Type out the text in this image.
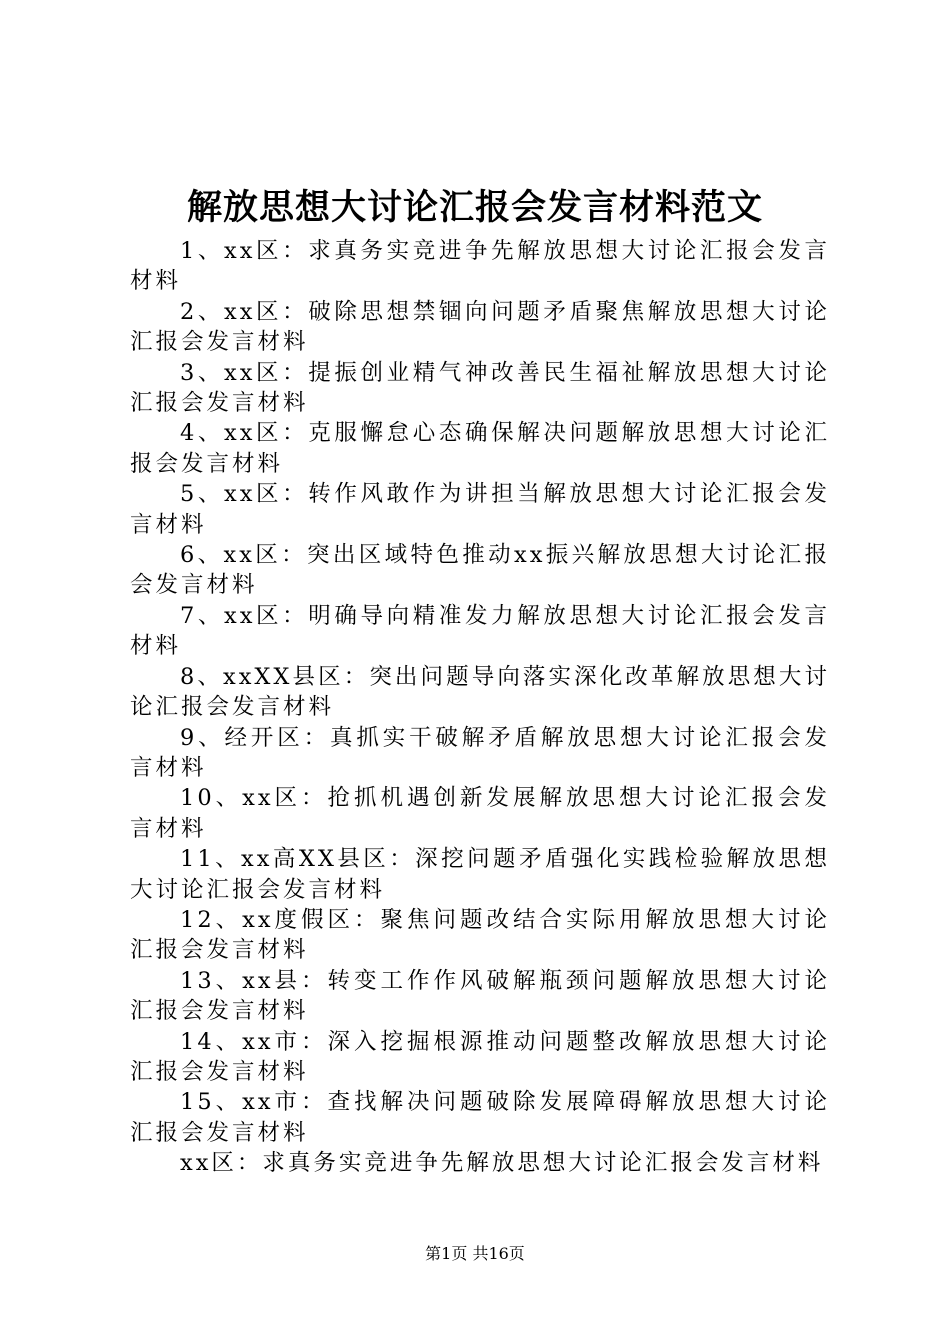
解放思想大讨论汇报会发言材料范文

1、xx区：求真务实竞进争先解放思想大讨论汇报会发言材料

2、xx区：破除思想禁锢向问题矛盾聚焦解放思想大讨论汇报会发言材料

3、xx区：提振创业精气神改善民生福祉解放思想大讨论汇报会发言材料

4、xx区：克服懈怠心态确保解决问题解放思想大讨论汇报会发言材料

5、xx区：转作风敢作为讲担当解放思想大讨论汇报会发言材料

6、xx区：突出区域特色推动xx振兴解放思想大讨论汇报会发言材料

7、xx区：明确导向精准发力解放思想大讨论汇报会发言材料

8、xxXX县区：突出问题导向落实深化改革解放思想大讨论汇报会发言材料

9、经开区：真抓实干破解矛盾解放思想大讨论汇报会发言材料

10、xx区：抢抓机遇创新发展解放思想大讨论汇报会发言材料

11、xx高XX县区：深挖问题矛盾强化实践检验解放思想大讨论汇报会发言材料

12、xx度假区：聚焦问题改结合实际用解放思想大讨论汇报会发言材料

13、xx县：转变工作作风破解瓶颈问题解放思想大讨论汇报会发言材料

14、xx市：深入挖掘根源推动问题整改解放思想大讨论汇报会发言材料

15、xx市：查找解决问题破除发展障碍解放思想大讨论汇报会发言材料

xx区：求真务实竞进争先解放思想大讨论汇报会发言材料

第1页 共16页
